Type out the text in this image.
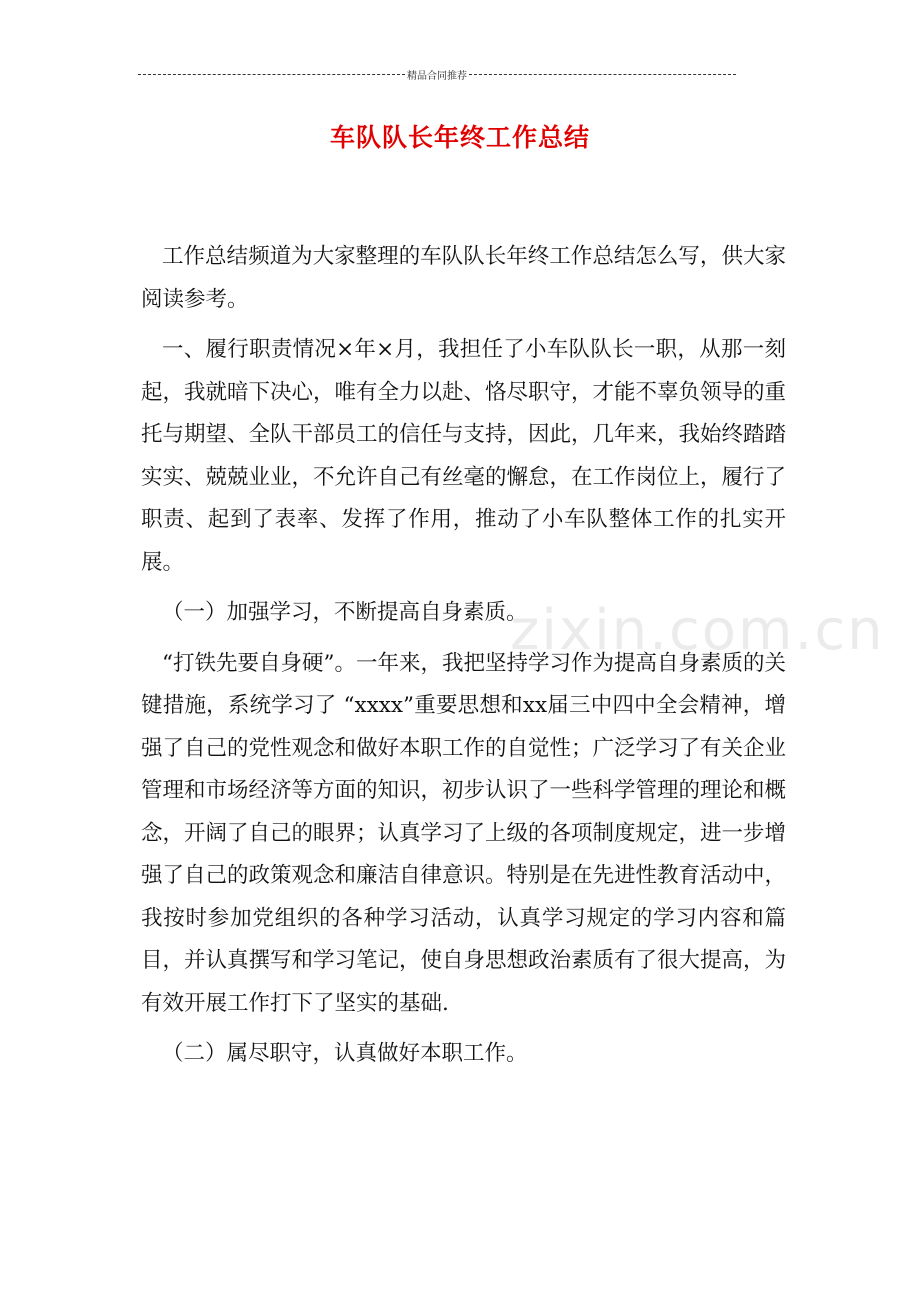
精品合同推荐
车队队长年终工作总结

工作总结频道为大家整理的车队队长年终工作总结怎么写，供大家阅读参考。

一、履行职责情况×年×月，我担任了小车队队长一职，从那一刻起，我就暗下决心，唯有全力以赴、恪尽职守，才能不辜负领导的重托与期望、全队干部员工的信任与支持，因此，几年来，我始终踏踏实实、兢兢业业，不允许自己有丝毫的懈怠，在工作岗位上，履行了职责、起到了表率、发挥了作用，推动了小车队整体工作的扎实开展。

（一）加强学习，不断提高自身素质。

“打铁先要自身硬”。一年来，我把坚持学习作为提高自身素质的关键措施，系统学习了 “xxxx”重要思想和xx届三中四中全会精神，增强了自己的党性观念和做好本职工作的自觉性；广泛学习了有关企业管理和市场经济等方面的知识，初步认识了一些科学管理的理论和概念，开阔了自己的眼界；认真学习了上级的各项制度规定，进一步增强了自己的政策观念和廉洁自律意识。特别是在先进性教育活动中，我按时参加党组织的各种学习活动，认真学习规定的学习内容和篇目，并认真撰写和学习笔记，使自身思想政治素质有了很大提高，为有效开展工作打下了坚实的基础.

（二）属尽职守，认真做好本职工作。

zixin.com.cn
